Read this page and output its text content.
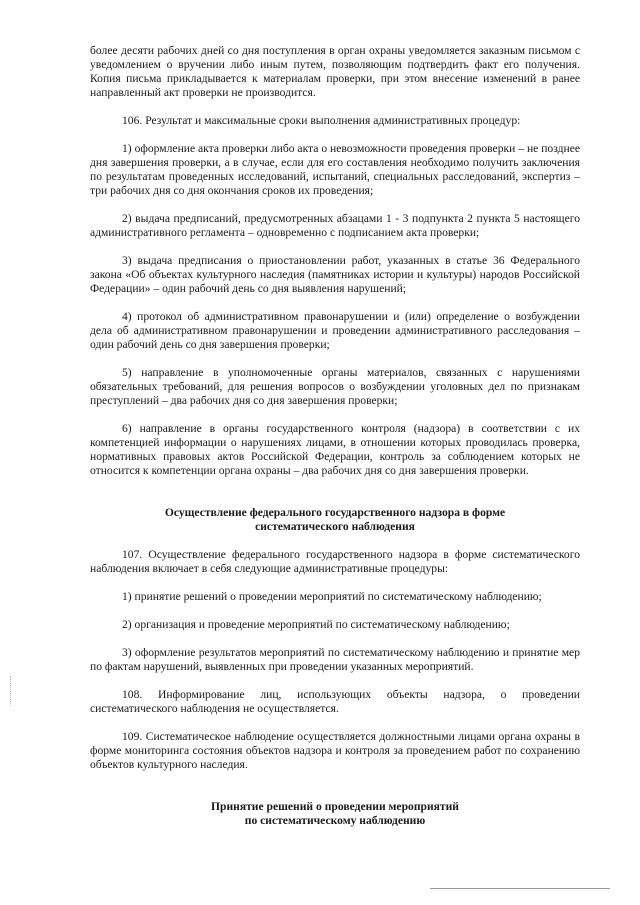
более десяти рабочих дней со дня поступления в орган охраны уведомляется заказным письмом с уведомлением о вручении либо иным путем, позволяющим подтвердить факт его получения. Копия письма прикладывается к материалам проверки, при этом внесение изменений в ранее направленный акт проверки не производится.

106. Результат и максимальные сроки выполнения административных процедур:

1) оформление акта проверки либо акта о невозможности проведения проверки – не позднее дня завершения проверки, а в случае, если для его составления необходимо получить заключения по результатам проведенных исследований, испытаний, специальных расследований, экспертиз – три рабочих дня со дня окончания сроков их проведения;

2) выдача предписаний, предусмотренных абзацами 1 - 3 подпункта 2 пункта 5 настоящего административного регламента – одновременно с подписанием акта проверки;

3) выдача предписания о приостановлении работ, указанных в статье 36 Федерального закона «Об объектах культурного наследия (памятниках истории и культуры) народов Российской Федерации» – один рабочий день со дня выявления нарушений;

4) протокол об административном правонарушении и (или) определение о возбуждении дела об административном правонарушении и проведении административного расследования – один рабочий день со дня завершения проверки;

5) направление в уполномоченные органы материалов, связанных с нарушениями обязательных требований, для решения вопросов о возбуждении уголовных дел по признакам преступлений – два рабочих дня со дня завершения проверки;

6) направление в органы государственного контроля (надзора) в соответствии с их компетенцией информации о нарушениях лицами, в отношении которых проводилась проверка, нормативных правовых актов Российской Федерации, контроль за соблюдением которых не относится к компетенции органа охраны – два рабочих дня со дня завершения проверки.

Осуществление федерального государственного надзора в форме

систематического наблюдения

107. Осуществление федерального государственного надзора в форме систематического наблюдения включает в себя следующие административные процедуры:

1) принятие решений о проведении мероприятий по систематическому наблюдению;

2) организация и проведение мероприятий по систематическому наблюдению;

3) оформление результатов мероприятий по систематическому наблюдению и принятие мер по фактам нарушений, выявленных при проведении указанных мероприятий.

108. Информирование лиц, использующих объекты надзора, о проведении систематического наблюдения не осуществляется.

109. Систематическое наблюдение осуществляется должностными лицами органа охраны в форме мониторинга состояния объектов надзора и контроля за проведением работ по сохранению объектов культурного наследия.

Принятие решений о проведении мероприятий

по систематическому наблюдению
